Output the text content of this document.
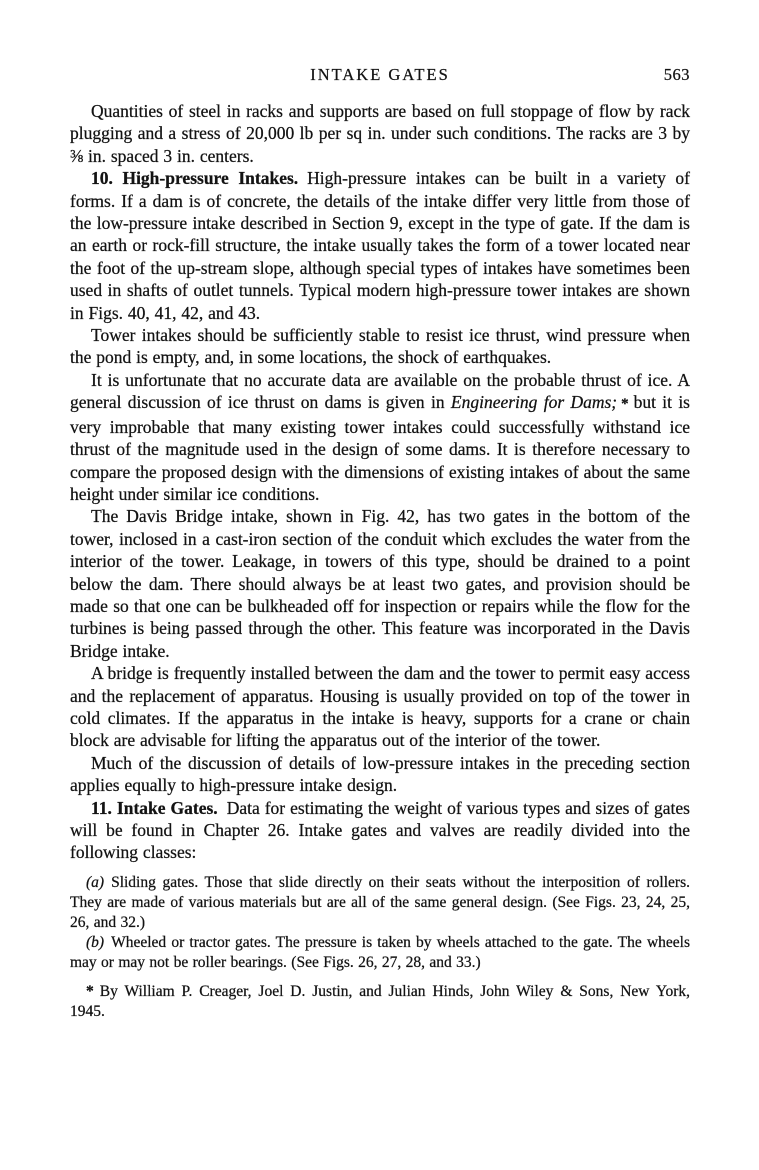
INTAKE GATES	563

Quantities of steel in racks and supports are based on full stoppage of flow by rack plugging and a stress of 20,000 lb per sq in. under such conditions. The racks are 3 by ⅜ in. spaced 3 in. centers.

10. High-pressure Intakes. High-pressure intakes can be built in a variety of forms. If a dam is of concrete, the details of the intake differ very little from those of the low-pressure intake described in Section 9, except in the type of gate. If the dam is an earth or rock-fill structure, the intake usually takes the form of a tower located near the foot of the up-stream slope, although special types of intakes have sometimes been used in shafts of outlet tunnels. Typical modern high-pressure tower intakes are shown in Figs. 40, 41, 42, and 43.

Tower intakes should be sufficiently stable to resist ice thrust, wind pressure when the pond is empty, and, in some locations, the shock of earthquakes.

It is unfortunate that no accurate data are available on the probable thrust of ice. A general discussion of ice thrust on dams is given in Engineering for Dams; * but it is very improbable that many existing tower intakes could successfully withstand ice thrust of the magnitude used in the design of some dams. It is therefore necessary to compare the proposed design with the dimensions of existing intakes of about the same height under similar ice conditions.

The Davis Bridge intake, shown in Fig. 42, has two gates in the bottom of the tower, inclosed in a cast-iron section of the conduit which excludes the water from the interior of the tower. Leakage, in towers of this type, should be drained to a point below the dam. There should always be at least two gates, and provision should be made so that one can be bulkheaded off for inspection or repairs while the flow for the turbines is being passed through the other. This feature was incorporated in the Davis Bridge intake.

A bridge is frequently installed between the dam and the tower to permit easy access and the replacement of apparatus. Housing is usually provided on top of the tower in cold climates. If the apparatus in the intake is heavy, supports for a crane or chain block are advisable for lifting the apparatus out of the interior of the tower.

Much of the discussion of details of low-pressure intakes in the preceding section applies equally to high-pressure intake design.

11. Intake Gates. Data for estimating the weight of various types and sizes of gates will be found in Chapter 26. Intake gates and valves are readily divided into the following classes:

(a) Sliding gates. Those that slide directly on their seats without the interposition of rollers. They are made of various materials but are all of the same general design. (See Figs. 23, 24, 25, 26, and 32.)

(b) Wheeled or tractor gates. The pressure is taken by wheels attached to the gate. The wheels may or may not be roller bearings. (See Figs. 26, 27, 28, and 33.)

* By William P. Creager, Joel D. Justin, and Julian Hinds, John Wiley & Sons, New York, 1945.
